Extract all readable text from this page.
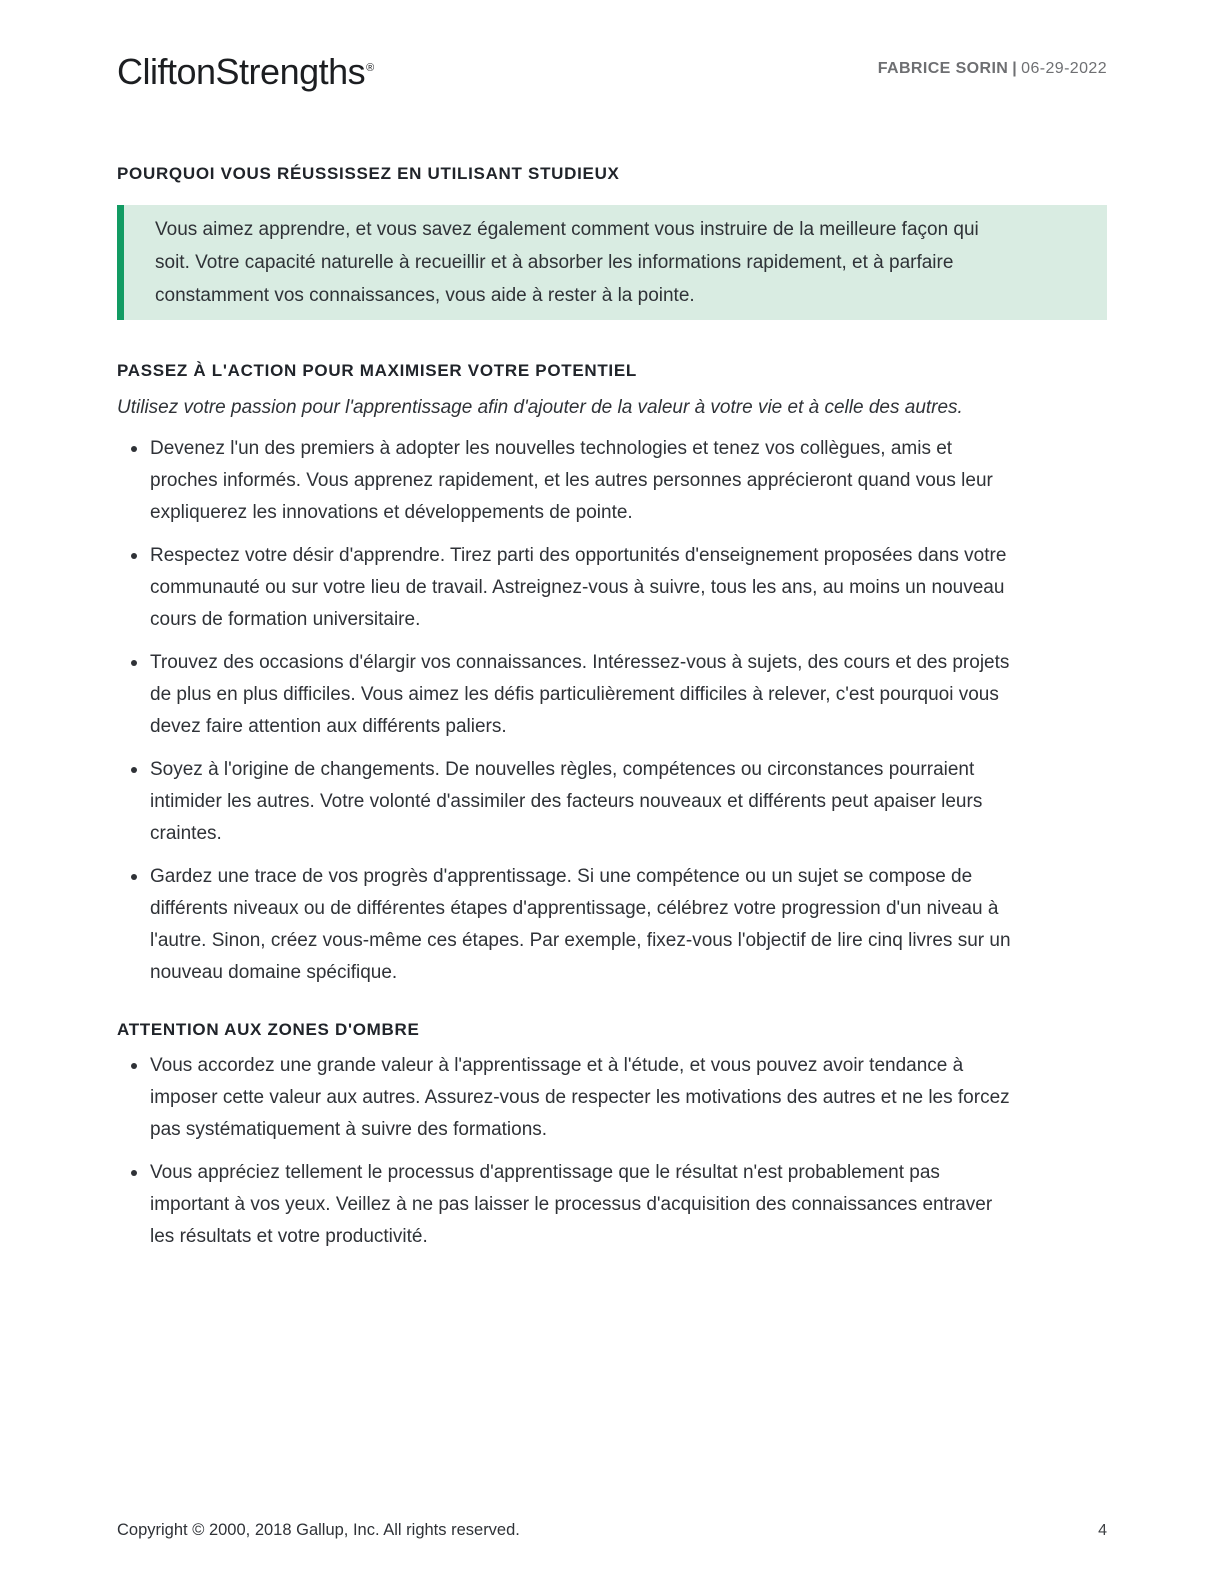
CliftonStrengths®	FABRICE SORIN | 06-29-2022
POURQUOI VOUS RÉUSSISSEZ EN UTILISANT STUDIEUX
Vous aimez apprendre, et vous savez également comment vous instruire de la meilleure façon qui soit. Votre capacité naturelle à recueillir et à absorber les informations rapidement, et à parfaire constamment vos connaissances, vous aide à rester à la pointe.
PASSEZ À L'ACTION POUR MAXIMISER VOTRE POTENTIEL

Utilisez votre passion pour l'apprentissage afin d'ajouter de la valeur à votre vie et à celle des autres.

Devenez l'un des premiers à adopter les nouvelles technologies et tenez vos collègues, amis et proches informés. Vous apprenez rapidement, et les autres personnes apprécieront quand vous leur expliquerez les innovations et développements de pointe.
Respectez votre désir d'apprendre. Tirez parti des opportunités d'enseignement proposées dans votre communauté ou sur votre lieu de travail. Astreignez-vous à suivre, tous les ans, au moins un nouveau cours de formation universitaire.
Trouvez des occasions d'élargir vos connaissances. Intéressez-vous à sujets, des cours et des projets de plus en plus difficiles. Vous aimez les défis particulièrement difficiles à relever, c'est pourquoi vous devez faire attention aux différents paliers.
Soyez à l'origine de changements. De nouvelles règles, compétences ou circonstances pourraient intimider les autres. Votre volonté d'assimiler des facteurs nouveaux et différents peut apaiser leurs craintes.
Gardez une trace de vos progrès d'apprentissage. Si une compétence ou un sujet se compose de différents niveaux ou de différentes étapes d'apprentissage, célébrez votre progression d'un niveau à l'autre. Sinon, créez vous-même ces étapes. Par exemple, fixez-vous l'objectif de lire cinq livres sur un nouveau domaine spécifique.
ATTENTION AUX ZONES D'OMBRE
Vous accordez une grande valeur à l'apprentissage et à l'étude, et vous pouvez avoir tendance à imposer cette valeur aux autres. Assurez-vous de respecter les motivations des autres et ne les forcez pas systématiquement à suivre des formations.
Vous appréciez tellement le processus d'apprentissage que le résultat n'est probablement pas important à vos yeux. Veillez à ne pas laisser le processus d'acquisition des connaissances entraver les résultats et votre productivité.
Copyright © 2000, 2018 Gallup, Inc. All rights reserved.	4
